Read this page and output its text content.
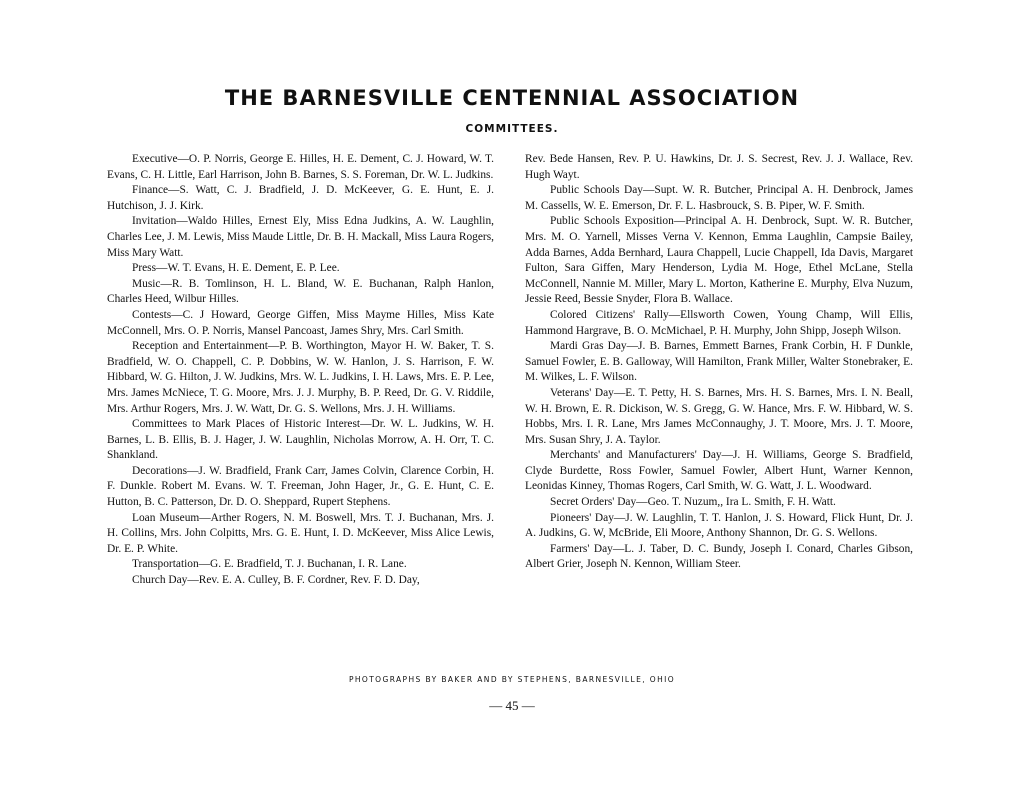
THE BARNESVILLE CENTENNIAL ASSOCIATION
COMMITTEES.

Executive—O. P. Norris, George E. Hilles, H. E. Dement, C. J. Howard, W. T. Evans, C. H. Little, Earl Harrison, John B. Barnes, S. S. Foreman, Dr. W. L. Judkins.

Finance—S. Watt, C. J. Bradfield, J. D. McKeever, G. E. Hunt, E. J. Hutchison, J. J. Kirk.

Invitation—Waldo Hilles, Ernest Ely, Miss Edna Judkins, A. W. Laughlin, Charles Lee, J. M. Lewis, Miss Maude Little, Dr. B. H. Mackall, Miss Laura Rogers, Miss Mary Watt.

Press—W. T. Evans, H. E. Dement, E. P. Lee.

Music—R. B. Tomlinson, H. L. Bland, W. E. Buchanan, Ralph Hanlon, Charles Heed, Wilbur Hilles.

Contests—C. J Howard, George Giffen, Miss Mayme Hilles, Miss Kate McConnell, Mrs. O. P. Norris, Mansel Pancoast, James Shry, Mrs. Carl Smith.

Reception and Entertainment—P. B. Worthington, Mayor H. W. Baker, T. S. Bradfield, W. O. Chappell, C. P. Dobbins, W. W. Hanlon, J. S. Harrison, F. W. Hibbard, W. G. Hilton, J. W. Judkins, Mrs. W. L. Judkins, I. H. Laws, Mrs. E. P. Lee, Mrs. James McNiece, T. G. Moore, Mrs. J. J. Murphy, B. P. Reed, Dr. G. V. Riddile, Mrs. Arthur Rogers, Mrs. J. W. Watt, Dr. G. S. Wellons, Mrs. J. H. Williams.

Committees to Mark Places of Historic Interest—Dr. W. L. Judkins, W. H. Barnes, L. B. Ellis, B. J. Hager, J. W. Laughlin, Nicholas Morrow, A. H. Orr, T. C. Shankland.

Decorations—J. W. Bradfield, Frank Carr, James Colvin, Clarence Corbin, H. F. Dunkle. Robert M. Evans. W. T. Freeman, John Hager, Jr., G. E. Hunt, C. E. Hutton, B. C. Patterson, Dr. D. O. Sheppard, Rupert Stephens.

Loan Museum—Arther Rogers, N. M. Boswell, Mrs. T. J. Buchanan, Mrs. J. H. Collins, Mrs. John Colpitts, Mrs. G. E. Hunt, I. D. McKeever, Miss Alice Lewis, Dr. E. P. White.

Transportation—G. E. Bradfield, T. J. Buchanan, I. R. Lane.

Church Day—Rev. E. A. Culley, B. F. Cordner, Rev. F. D. Day,

Rev. Bede Hansen, Rev. P. U. Hawkins, Dr. J. S. Secrest, Rev. J. J. Wallace, Rev. Hugh Wayt.

Public Schools Day—Supt. W. R. Butcher, Principal A. H. Denbrock, James M. Cassells, W. E. Emerson, Dr. F. L. Hasbrouck, S. B. Piper, W. F. Smith.

Public Schools Exposition—Principal A. H. Denbrock, Supt. W. R. Butcher, Mrs. M. O. Yarnell, Misses Verna V. Kennon, Emma Laughlin, Campsie Bailey, Adda Barnes, Adda Bernhard, Laura Chappell, Lucie Chappell, Ida Davis, Margaret Fulton, Sara Giffen, Mary Henderson, Lydia M. Hoge, Ethel McLane, Stella McConnell, Nannie M. Miller, Mary L. Morton, Katherine E. Murphy, Elva Nuzum, Jessie Reed, Bessie Snyder, Flora B. Wallace.

Colored Citizens' Rally—Ellsworth Cowen, Young Champ, Will Ellis, Hammond Hargrave, B. O. McMichael, P. H. Murphy, John Shipp, Joseph Wilson.

Mardi Gras Day—J. B. Barnes, Emmett Barnes, Frank Corbin, H. F Dunkle, Samuel Fowler, E. B. Galloway, Will Hamilton, Frank Miller, Walter Stonebraker, E. M. Wilkes, L. F. Wilson.

Veterans' Day—E. T. Petty, H. S. Barnes, Mrs. H. S. Barnes, Mrs. I. N. Beall, W. H. Brown, E. R. Dickison, W. S. Gregg, G. W. Hance, Mrs. F. W. Hibbard, W. S. Hobbs, Mrs. I. R. Lane, Mrs James McConnaughy, J. T. Moore, Mrs. J. T. Moore, Mrs. Susan Shry, J. A. Taylor.

Merchants' and Manufacturers' Day—J. H. Williams, George S. Bradfield, Clyde Burdette, Ross Fowler, Samuel Fowler, Albert Hunt, Warner Kennon, Leonidas Kinney, Thomas Rogers, Carl Smith, W. G. Watt, J. L. Woodward.

Secret Orders' Day—Geo. T. Nuzum,, Ira L. Smith, F. H. Watt.

Pioneers' Day—J. W. Laughlin, T. T. Hanlon, J. S. Howard, Flick Hunt, Dr. J. A. Judkins, G. W, McBride, Eli Moore, Anthony Shannon, Dr. G. S. Wellons.

Farmers' Day—L. J. Taber, D. C. Bundy, Joseph I. Conard, Charles Gibson, Albert Grier, Joseph N. Kennon, William Steer.

PHOTOGRAPHS BY BAKER AND BY STEPHENS, BARNESVILLE, OHIO
— 45 —
